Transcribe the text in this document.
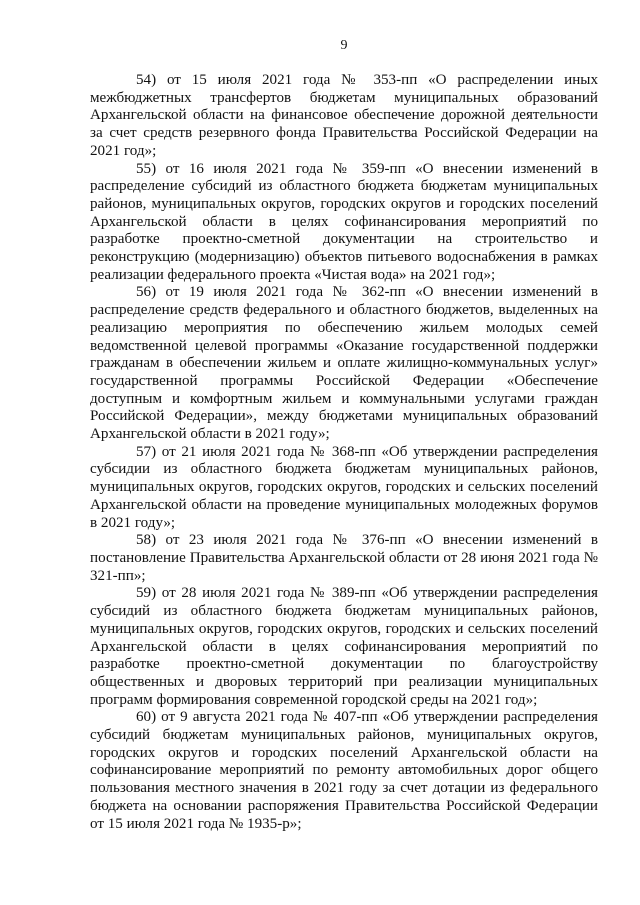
9

54) от 15 июля 2021 года № 353-пп «О распределении иных межбюджетных трансфертов бюджетам муниципальных образований Архангельской области на финансовое обеспечение дорожной деятельности за счет средств резервного фонда Правительства Российской Федерации на 2021 год»;

55) от 16 июля 2021 года № 359-пп «О внесении изменений в распределение субсидий из областного бюджета бюджетам муниципальных районов, муниципальных округов, городских округов и городских поселений Архангельской области в целях софинансирования мероприятий по разработке проектно-сметной документации на строительство и реконструкцию (модернизацию) объектов питьевого водоснабжения в рамках реализации федерального проекта «Чистая вода» на 2021 год»;

56) от 19 июля 2021 года № 362-пп «О внесении изменений в распределение средств федерального и областного бюджетов, выделенных на реализацию мероприятия по обеспечению жильем молодых семей ведомственной целевой программы «Оказание государственной поддержки гражданам в обеспечении жильем и оплате жилищно-коммунальных услуг» государственной программы Российской Федерации «Обеспечение доступным и комфортным жильем и коммунальными услугами граждан Российской Федерации», между бюджетами муниципальных образований Архангельской области в 2021 году»;

57) от 21 июля 2021 года № 368-пп «Об утверждении распределения субсидии из областного бюджета бюджетам муниципальных районов, муниципальных округов, городских округов, городских и сельских поселений Архангельской области на проведение муниципальных молодежных форумов в 2021 году»;

58) от 23 июля 2021 года № 376-пп «О внесении изменений в постановление Правительства Архангельской области от 28 июня 2021 года № 321-пп»;

59) от 28 июля 2021 года № 389-пп «Об утверждении распределения субсидий из областного бюджета бюджетам муниципальных районов, муниципальных округов, городских округов, городских и сельских поселений Архангельской области в целях софинансирования мероприятий по разработке проектно-сметной документации по благоустройству общественных и дворовых территорий при реализации муниципальных программ формирования современной городской среды на 2021 год»;

60) от 9 августа 2021 года № 407-пп «Об утверждении распределения субсидий бюджетам муниципальных районов, муниципальных округов, городских округов и городских поселений Архангельской области на софинансирование мероприятий по ремонту автомобильных дорог общего пользования местного значения в 2021 году за счет дотации из федерального бюджета на основании распоряжения Правительства Российской Федерации от 15 июля 2021 года № 1935-р»;
